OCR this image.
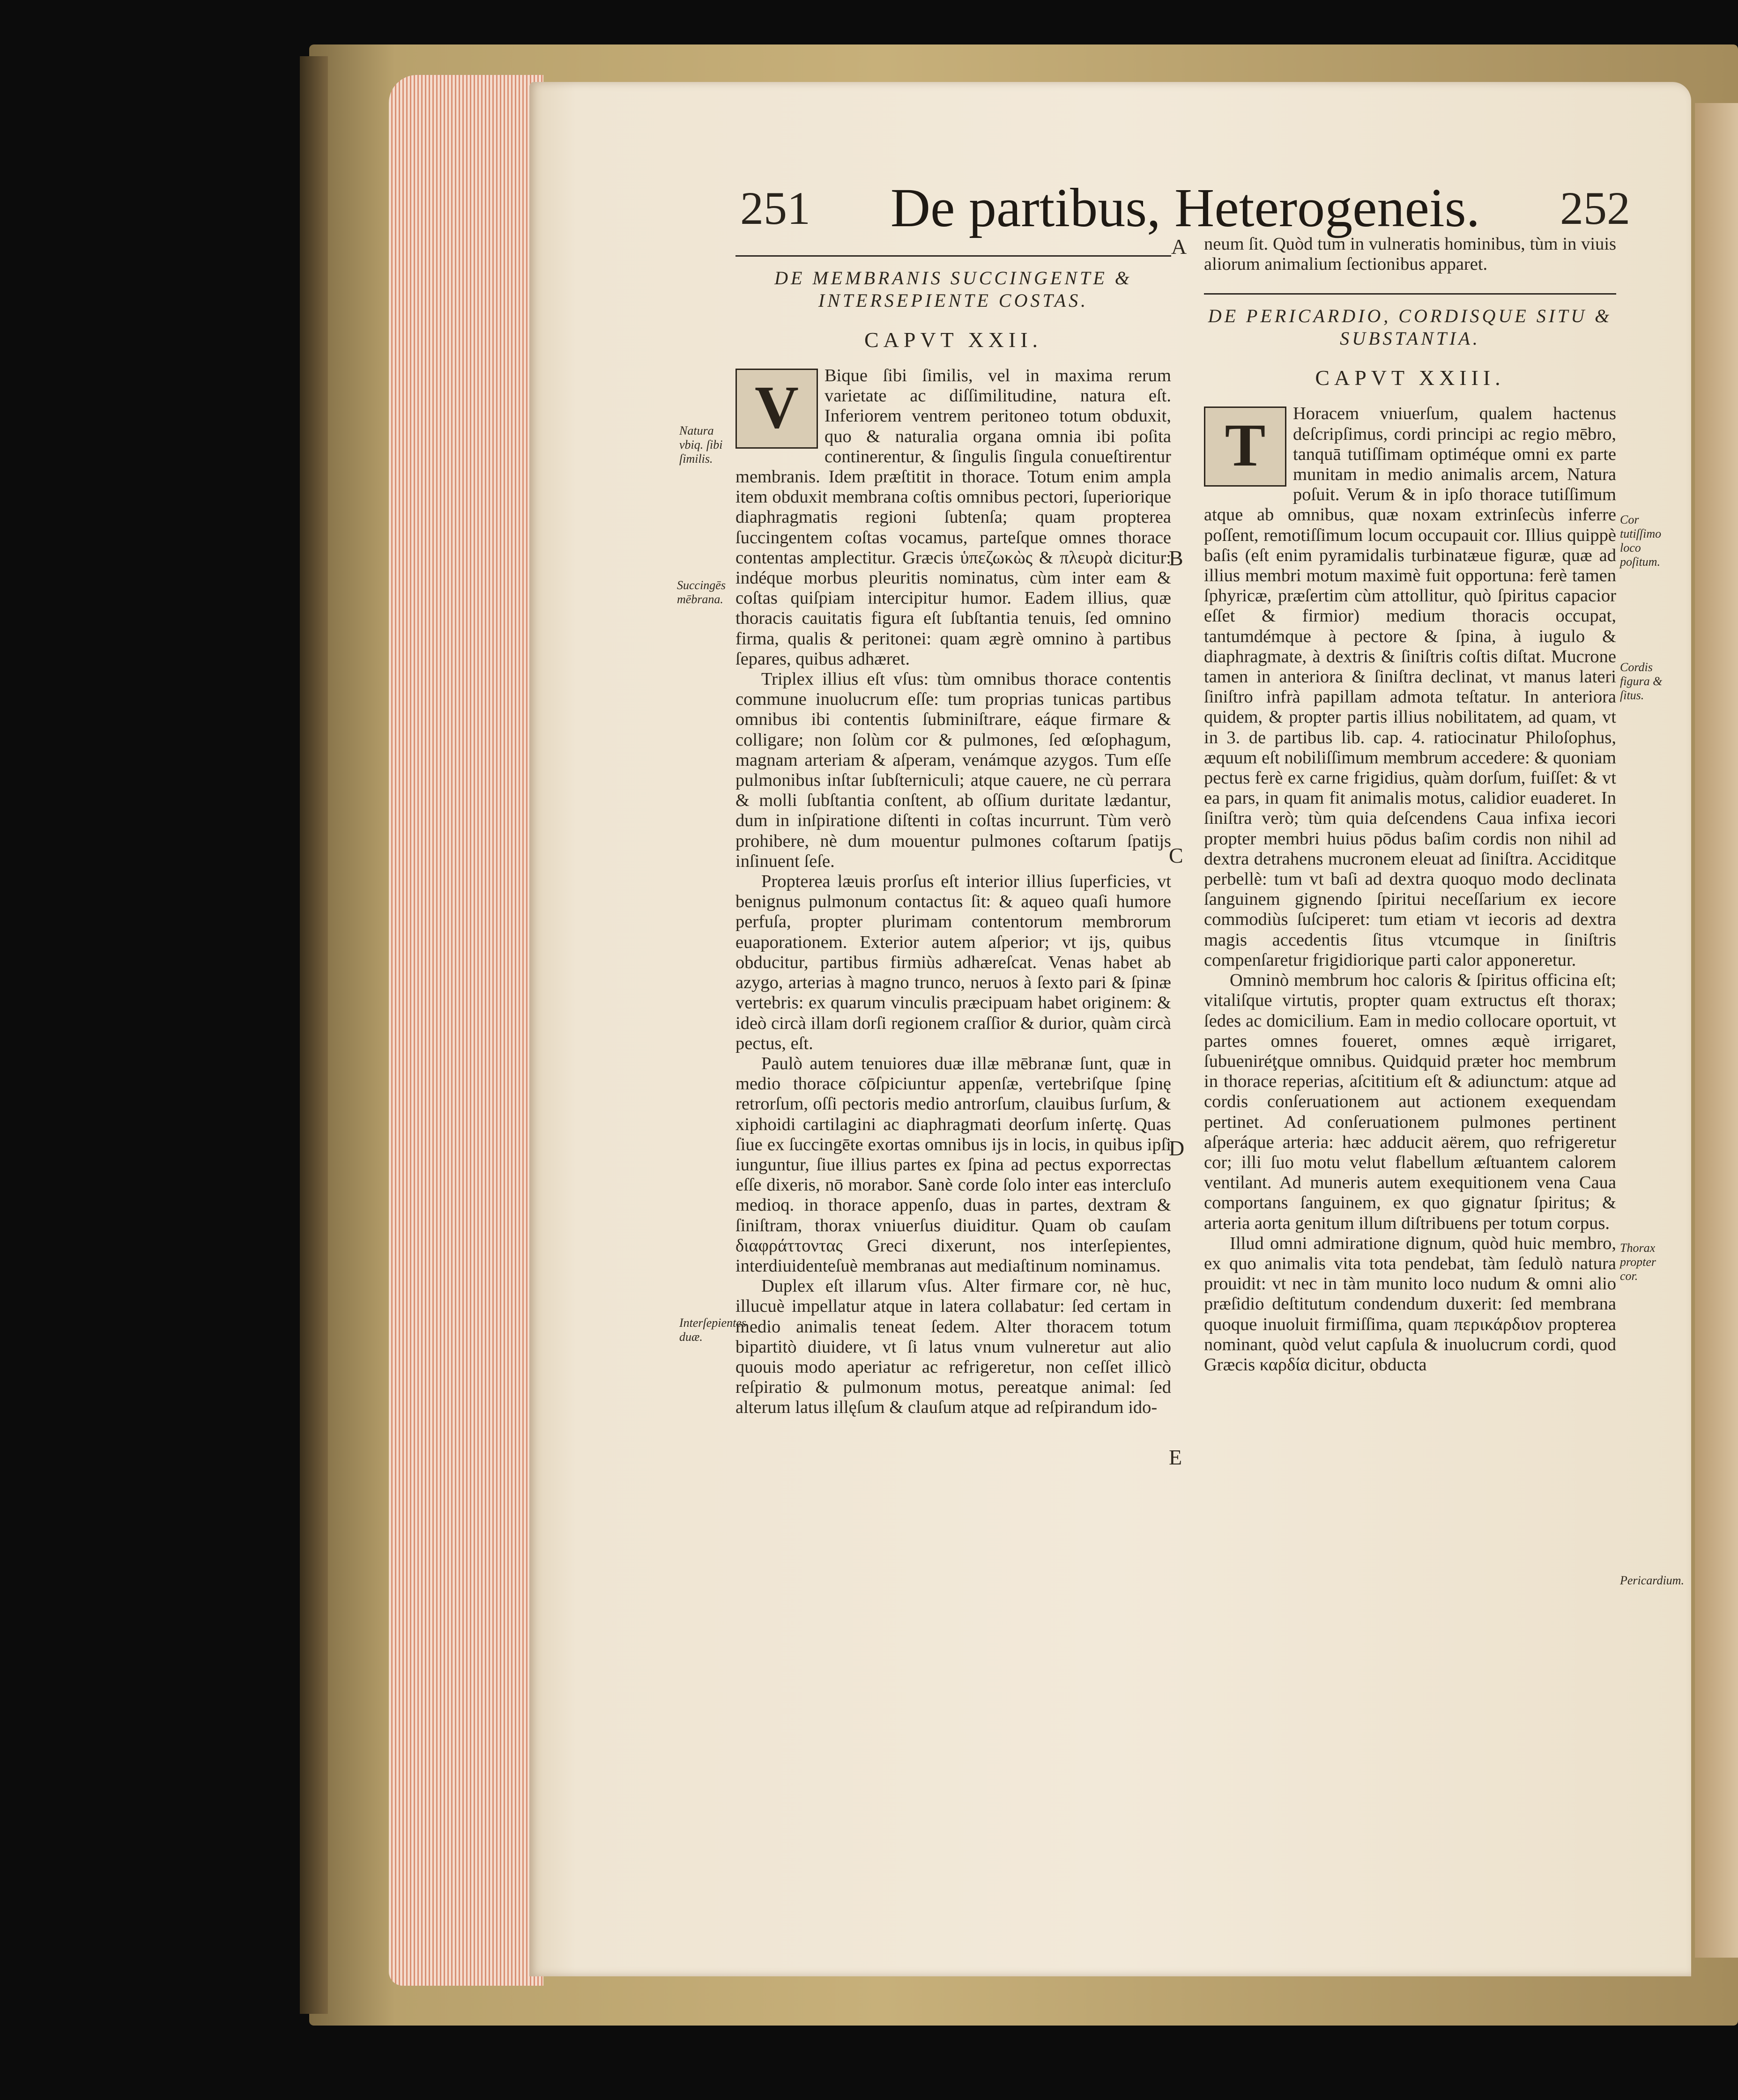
251	De partibus, Heterogeneis.	252
DE MEMBRANIS SUCCINGENTE & INTERSEPIENTE COSTAS.
CAPVT XXII.
V	Bique ſibi ſimilis, vel in maxima rerum varietate ac diſſimilitudine, natura eſt. Inferiorem ventrem peritoneo totum obduxit, quo & naturalia organa omnia ibi poſita continerentur, & ſingulis ſingula conueſtirentur membranis. Idem præſtitit in thorace. Totum enim ampla item obduxit membrana coſtis omnibus pectori, ſuperiorique diaphragmatis regioni ſubtenſa; quam propterea ſuccingentem coſtas vocamus, parteſque omnes thorace contentas amplectitur. Græcis ὑπεζωκὼς & πλευρὰ dicitur: indéque morbus pleuritis nominatus, cùm inter eam & coſtas quiſpiam intercipitur humor. Eadem illius, quæ thoracis cauitatis figura eſt ſubſtantia tenuis, ſed omnino firma, qualis & peritonei: quam ægrè omnino à partibus ſepares, quibus adhæret.

Triplex illius eſt vſus: tùm omnibus thorace contentis commune inuolucrum eſſe: tum proprias tunicas partibus omnibus ibi contentis ſubminiſtrare, eáque firmare & colligare; non ſolùm cor & pulmones, ſed œſophagum, magnam arteriam & aſperam, venámque azygos. Tum eſſe pulmonibus inſtar ſubſterniculi; atque cauere, ne cù perrara & molli ſubſtantia conſtent, ab oſſium duritate lædantur, dum in inſpiratione diſtenti in coſtas incurrunt. Tùm verò prohibere, nè dum mouentur pulmones coſtarum ſpatijs inſinuent ſeſe.

Propterea læuis prorſus eſt interior illius ſuperficies, vt benignus pulmonum contactus ſit: & aqueo quaſi humore perfuſa, propter plurimam contentorum membrorum euaporationem. Exterior autem aſperior; vt ijs, quibus obducitur, partibus firmiùs adhæreſcat. Venas habet ab azygo, arterias à magno trunco, neruos à ſexto pari & ſpinæ vertebris: ex quarum vinculis præcipuam habet originem: & ideò circà illam dorſi regionem craſſior & durior, quàm circà pectus, eſt.

Paulò autem tenuiores duæ illæ mēbranæ ſunt, quæ in medio thorace cōſpiciuntur appenſæ, vertebriſque ſpinę retrorſum, oſſi pectoris medio antrorſum, clauibus ſurſum, & xiphoidi cartilagini ac diaphragmati deorſum inſertę. Quas ſiue ex ſuccingēte exortas omnibus ijs in locis, in quibus ipſi iunguntur, ſiue illius partes ex ſpina ad pectus exporrectas eſſe dixeris, nō morabor. Sanè corde ſolo inter eas intercluſo medioq. in thorace appenſo, duas in partes, dextram & ſiniſtram, thorax vniuerſus diuiditur. Quam ob cauſam διαφράττοντας Greci dixerunt, nos interſepientes, interdiuidenteſuè membranas aut mediaſtinum nominamus.

Duplex eſt illarum vſus. Alter firmare cor, nè huc, illucuè impellatur atque in latera collabatur: ſed certam in medio animalis teneat ſedem. Alter thoracem totum bipartitò diuidere, vt ſi latus vnum vulneretur aut alio quouis modo aperiatur ac refrigeretur, non ceſſet illicò reſpiratio & pulmonum motus, pereatque animal: ſed alterum latus illęſum & clauſum atque ad reſpirandum ido-

neum ſit. Quòd tum in vulneratis hominibus, tùm in viuis aliorum animalium ſectionibus apparet.

DE PERICARDIO, CORDISQUE SITU & SUBSTANTIA.
CAPVT XXIII.
T	Horacem vniuerſum, qualem hactenus deſcripſimus, cordi principi ac regio mēbro, tanquā tutiſſimam optiméque omni ex parte munitam in medio animalis arcem, Natura poſuit. Verum & in ipſo thorace tutiſſimum atque ab omnibus, quæ noxam extrinſecùs inferre poſſent, remotiſſimum locum occupauit cor. Illius quippè baſis (eſt enim pyramidalis turbinatæue figuræ, quæ ad illius membri motum maximè fuit opportuna: ferè tamen ſphyricæ, præſertim cùm attollitur, quò ſpiritus capacior eſſet & firmior) medium thoracis occupat, tantumdémque à pectore & ſpina, à iugulo & diaphragmate, à dextris & ſiniſtris coſtis diſtat. Mucrone tamen in anteriora & ſiniſtra declinat, vt manus lateri ſiniſtro infrà papillam admota teſtatur. In anteriora quidem, & propter partis illius nobilitatem, ad quam, vt in 3. de partibus lib. cap. 4. ratiocinatur Philoſophus, æquum eſt nobiliſſimum membrum accedere: & quoniam pectus ferè ex carne frigidius, quàm dorſum, fuiſſet: & vt ea pars, in quam fit animalis motus, calidior euaderet. In ſiniſtra verò; tùm quia deſcendens Caua infixa iecori propter membri huius pōdus baſim cordis non nihil ad dextra detrahens mucronem eleuat ad ſiniſtra. Acciditque perbellè: tum vt baſi ad dextra quoquo modo declinata ſanguinem gignendo ſpiritui neceſſarium ex iecore commodiùs ſuſciperet: tum etiam vt iecoris ad dextra magis accedentis ſitus vtcumque in ſiniſtris compenſaretur frigidiorique parti calor apponeretur.

Omninò membrum hoc caloris & ſpiritus officina eſt; vitaliſque virtutis, propter quam extructus eſt thorax; ſedes ac domicilium. Eam in medio collocare oportuit, vt partes omnes foueret, omnes æquè irrigaret, ſubueniréţque omnibus. Quidquid præter hoc membrum in thorace reperias, aſcititium eſt & adiunctum: atque ad cordis conſeruationem aut actionem exequendam pertinet. Ad conſeruationem pulmones pertinent aſperáque arteria: hæc adducit aërem, quo refrigeretur cor; illi ſuo motu velut flabellum æſtuantem calorem ventilant. Ad muneris autem exequitionem vena Caua comportans ſanguinem, ex quo gignatur ſpiritus; & arteria aorta genitum illum diſtribuens per totum corpus.

Illud omni admiratione dignum, quòd huic membro, ex quo animalis vita tota pendebat, tàm ſedulò natura prouidit: vt nec in tàm munito loco nudum & omni alio præſidio deſtitutum condendum duxerit: ſed membrana quoque inuoluit firmiſſima, quam περικάρδιον propterea nominant, quòd velut capſula & inuolucrum cordi, quod Græcis καρδία dicitur, obducta

Natura vbiq. ſibi ſimilis.
Succingēs mēbrana.
Interſepientes duæ.
Cor tutiſſimo loco poſitum.
Cordis figura & ſitus.
Thorax propter cor.
Pericardium.
A
B
C
D
E
